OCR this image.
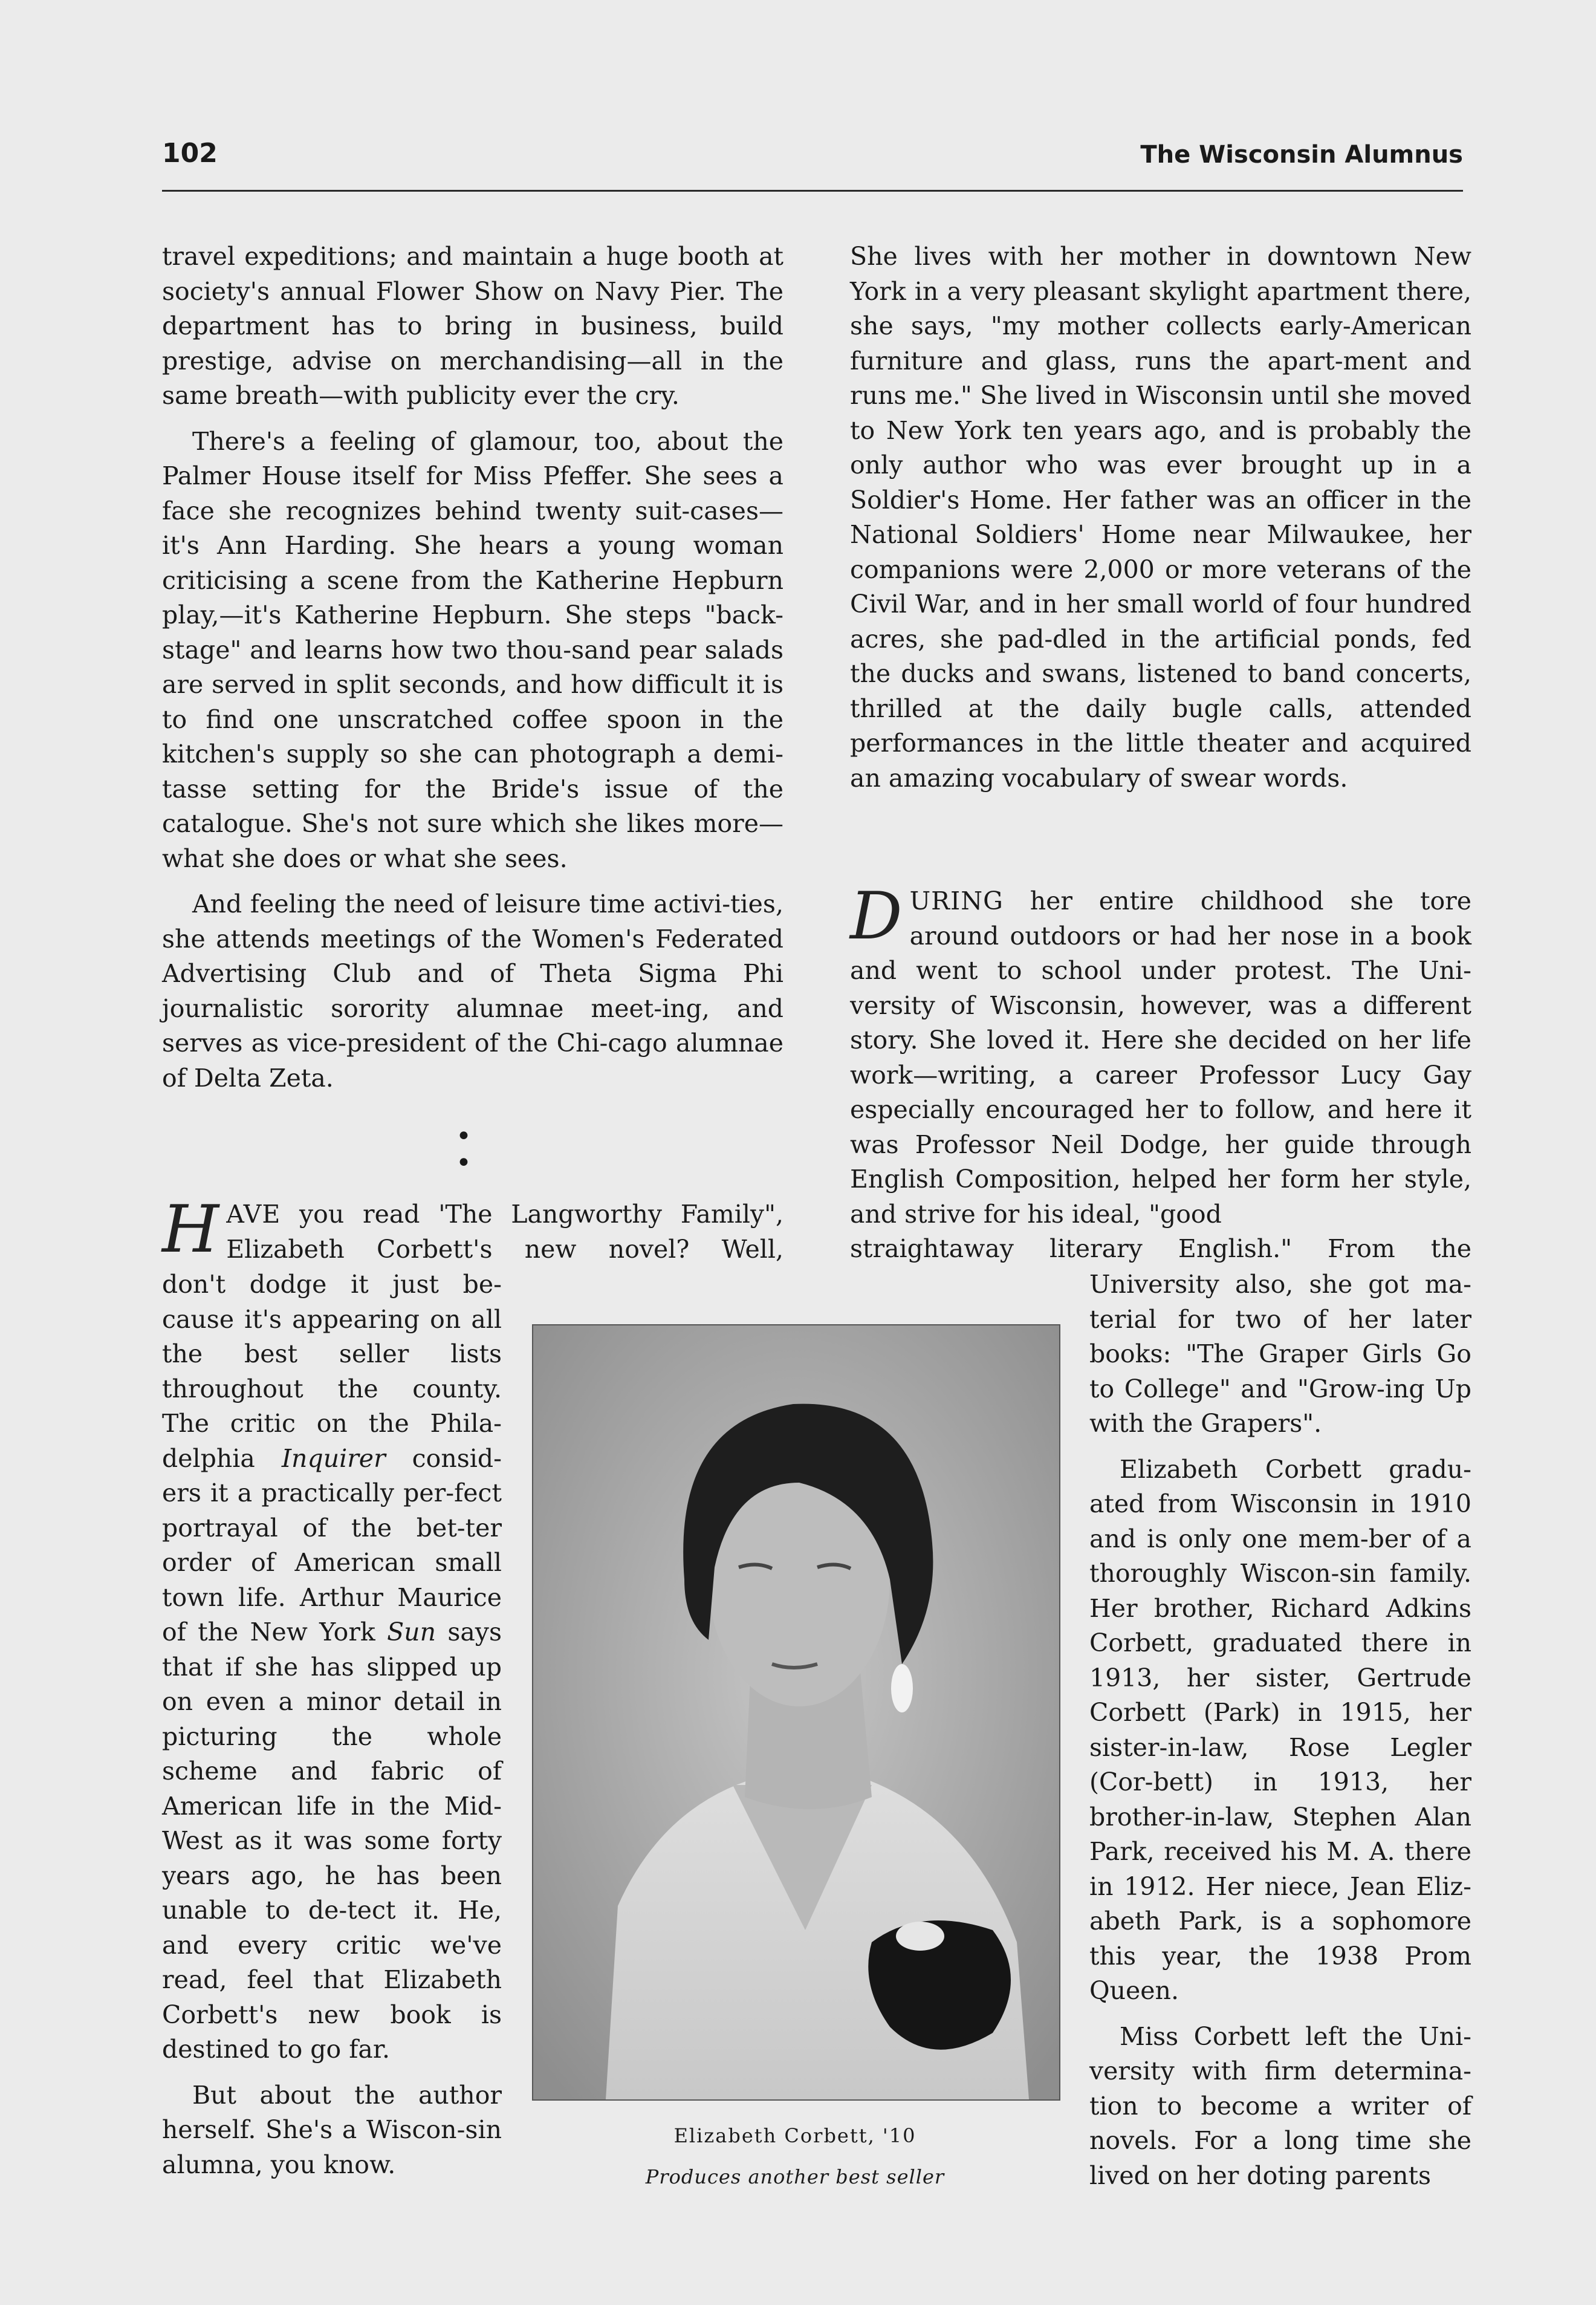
102	The Wisconsin Alumnus

travel expeditions; and maintain a huge booth at society's annual Flower Show on Navy Pier. The department has to bring in business, build prestige, advise on merchandising—all in the same breath—with publicity ever the cry.

There's a feeling of glamour, too, about the Palmer House itself for Miss Pfeffer. She sees a face she recognizes behind twenty suit-cases—it's Ann Harding. She hears a young woman criticising a scene from the Katherine Hepburn play,—it's Katherine Hepburn. She steps "back-stage" and learns how two thou-sand pear salads are served in split seconds, and how difficult it is to find one unscratched coffee spoon in the kitchen's supply so she can photograph a demi-tasse setting for the Bride's issue of the catalogue. She's not sure which she likes more—what she does or what she sees.

And feeling the need of leisure time activi-ties, she attends meetings of the Women's Federated Advertising Club and of Theta Sigma Phi journalistic sorority alumnae meet-ing, and serves as vice-president of the Chi-cago alumnae of Delta Zeta.

• •

H AVE you read 'The Langworthy Family",
Elizabeth Corbett's new novel? Well,

don't dodge it just be-cause it's appearing on all the best seller lists throughout the county. The critic on the Phila-delphia Inquirer consid-ers it a practically per-fect portrayal of the bet-ter order of American small town life. Arthur Maurice of the New York Sun says that if she has slipped up on even a minor detail in picturing the whole scheme and fabric of American life in the Mid-West as it was some forty years ago, he has been unable to de-tect it. He, and every critic we've read, feel that Elizabeth Corbett's new book is destined to go far.

But about the author herself. She's a Wiscon-sin alumna, you know.

She lives with her mother in downtown New York in a very pleasant skylight apartment there, she says, "my mother collects early-American furniture and glass, runs the apart-ment and runs me." She lived in Wisconsin until she moved to New York ten years ago, and is probably the only author who was ever brought up in a Soldier's Home. Her father was an officer in the National Soldiers' Home near Milwaukee, her companions were 2,000 or more veterans of the Civil War, and in her small world of four hundred acres, she pad-dled in the artificial ponds, fed the ducks and swans, listened to band concerts, thrilled at the daily bugle calls, attended performances in the little theater and acquired an amazing vocabulary of swear words.

D URING her entire childhood she tore around outdoors or had her nose in a book and went to school under protest. The Uni-versity of Wisconsin, however, was a different story. She loved it. Here she decided on her life work—writing, a career Professor Lucy Gay especially encouraged her to follow, and here it was Professor Neil Dodge, her guide through English Composition, helped her form her style, and strive for his ideal, "good
straightaway literary English." From the

University also, she got ma-terial for two of her later books: "The Graper Girls Go to College" and "Grow-ing Up with the Grapers".

Elizabeth Corbett gradu-ated from Wisconsin in 1910 and is only one mem-ber of a thoroughly Wiscon-sin family. Her brother, Richard Adkins Corbett, graduated there in 1913, her sister, Gertrude Corbett (Park) in 1915, her sister-in-law, Rose Legler (Cor-bett) in 1913, her brother-in-law, Stephen Alan Park, received his M. A. there in 1912. Her niece, Jean Eliz-abeth Park, is a sophomore this year, the 1938 Prom Queen.

Miss Corbett left the Uni-versity with firm determina-tion to become a writer of novels. For a long time she lived on her doting parents

Elizabeth Corbett, '10
Produces another best seller
